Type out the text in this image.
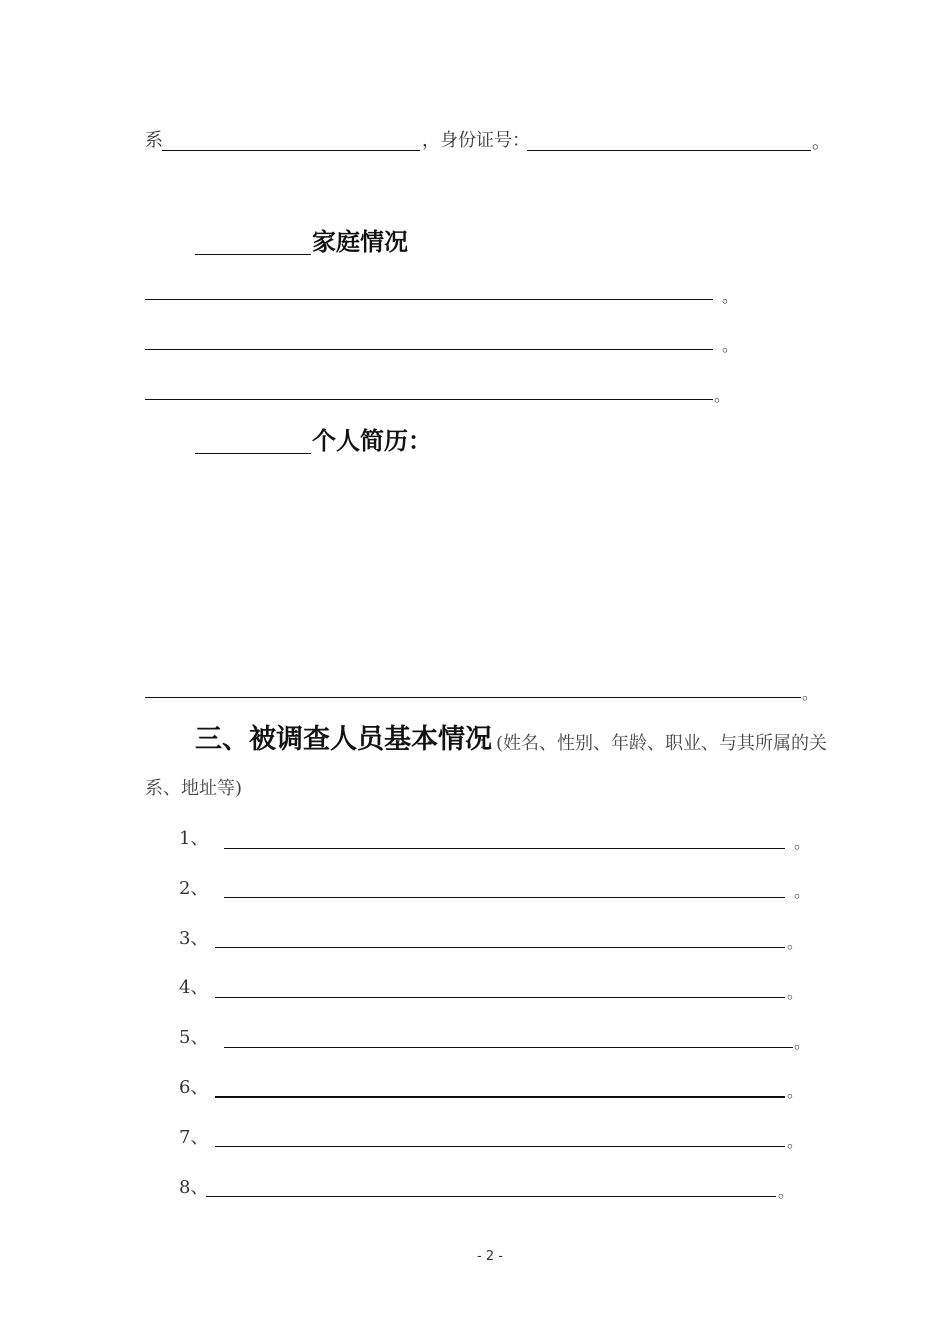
系	，身份证号：	。
家庭情况
。
。
。
个人简历：
。
三、被调查人员基本情况
：(姓名、性别、年龄、职业、与其所属的关
系、地址等)
1、	。
2、	。
3、	。
4、	。
5、	。
6、	。
7、	。
8、	。
- 2 -
